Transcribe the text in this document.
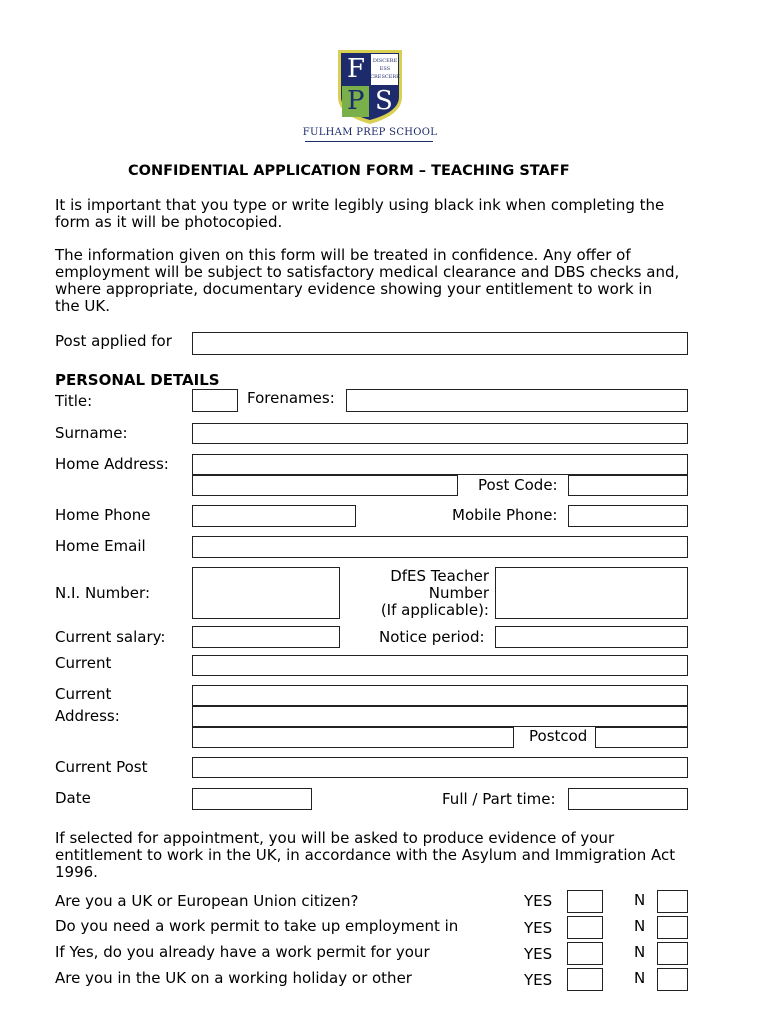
F
P S
DISCERE
ESS
CRESCERE
FULHAM PREP SCHOOL
CONFIDENTIAL APPLICATION FORM – TEACHING STAFF
It is important that you type or write legibly using black ink when completing the form as it will be photocopied.
The information given on this form will be treated in confidence. Any offer of employment will be subject to satisfactory medical clearance and DBS checks and, where appropriate, documentary evidence showing your entitlement to work in the UK.
Post applied for
PERSONAL DETAILS
Title:	Forenames:
Surname:
Home Address:
Post Code:
Home Phone	Mobile Phone:
Home Email
N.I. Number:
DfES Teacher
Number
(If applicable):
Current salary:	Notice period:
Current
Current
Address:
Postcod
Current Post
Date	Full / Part time:
If selected for appointment, you will be asked to produce evidence of your entitlement to work in the UK, in accordance with the Asylum and Immigration Act 1996.
Are you a UK or European Union citizen?	YES	N
Do you need a work permit to take up employment in	YES	N
If Yes, do you already have a work permit for your	YES	N
Are you in the UK on a working holiday or other	YES	N
